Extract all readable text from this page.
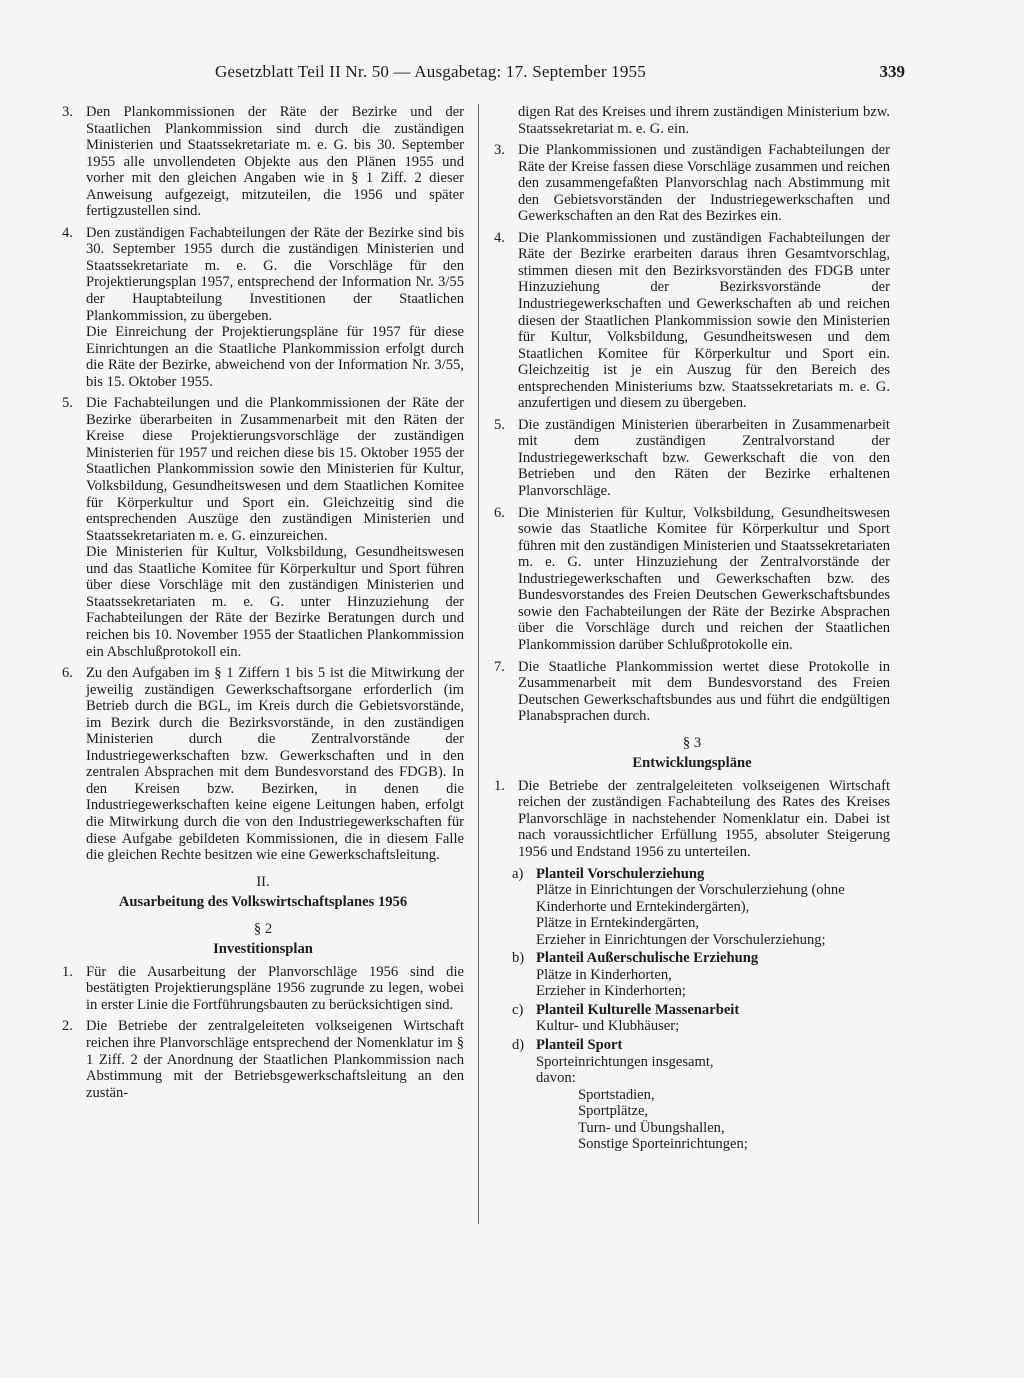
Gesetzblatt Teil II Nr. 50 — Ausgabetag: 17. September 1955	339
3. Den Plankommissionen der Räte der Bezirke und der Staatlichen Plankommission sind durch die zuständigen Ministerien und Staatssekretariate m. e. G. bis 30. September 1955 alle unvollendeten Objekte aus den Plänen 1955 und vorher mit den gleichen Angaben wie in § 1 Ziff. 2 dieser Anweisung aufgezeigt, mitzuteilen, die 1956 und später fertigzustellen sind.

4. Den zuständigen Fachabteilungen der Räte der Bezirke sind bis 30. September 1955 durch die zuständigen Ministerien und Staatssekretariate m. e. G. die Vorschläge für den Projektierungsplan 1957, entsprechend der Information Nr. 3/55 der Hauptabteilung Investitionen der Staatlichen Plankommission, zu übergeben.

Die Einreichung der Projektierungspläne für 1957 für diese Einrichtungen an die Staatliche Plankommission erfolgt durch die Räte der Bezirke, abweichend von der Information Nr. 3/55, bis 15. Oktober 1955.

5. Die Fachabteilungen und die Plankommissionen der Räte der Bezirke überarbeiten in Zusammenarbeit mit den Räten der Kreise diese Projektierungsvorschläge der zuständigen Ministerien für 1957 und reichen diese bis 15. Oktober 1955 der Staatlichen Plankommission sowie den Ministerien für Kultur, Volksbildung, Gesundheitswesen und dem Staatlichen Komitee für Körperkultur und Sport ein. Gleichzeitig sind die entsprechenden Auszüge den zuständigen Ministerien und Staatssekretariaten m. e. G. einzureichen.

Die Ministerien für Kultur, Volksbildung, Gesundheitswesen und das Staatliche Komitee für Körperkultur und Sport führen über diese Vorschläge mit den zuständigen Ministerien und Staatssekretariaten m. e. G. unter Hinzuziehung der Fachabteilungen der Räte der Bezirke Beratungen durch und reichen bis 10. November 1955 der Staatlichen Plankommission ein Abschlußprotokoll ein.

6. Zu den Aufgaben im § 1 Ziffern 1 bis 5 ist die Mitwirkung der jeweilig zuständigen Gewerkschaftsorgane erforderlich (im Betrieb durch die BGL, im Kreis durch die Gebietsvorstände, im Bezirk durch die Bezirksvorstände, in den zuständigen Ministerien durch die Zentralvorstände der Industriegewerkschaften bzw. Gewerkschaften und in den zentralen Absprachen mit dem Bundesvorstand des FDGB). In den Kreisen bzw. Bezirken, in denen die Industriegewerkschaften keine eigene Leitungen haben, erfolgt die Mitwirkung durch die von den Industriegewerkschaften für diese Aufgabe gebildeten Kommissionen, die in diesem Falle die gleichen Rechte besitzen wie eine Gewerkschaftsleitung.

II.
Ausarbeitung des Volkswirtschaftsplanes 1956
§ 2
Investitionsplan
1. Für die Ausarbeitung der Planvorschläge 1956 sind die bestätigten Projektierungspläne 1956 zugrunde zu legen, wobei in erster Linie die Fortführungsbauten zu berücksichtigen sind.

2. Die Betriebe der zentralgeleiteten volkseigenen Wirtschaft reichen ihre Planvorschläge entsprechend der Nomenklatur im § 1 Ziff. 2 der Anordnung der Staatlichen Plankommission nach Abstimmung mit der Betriebsgewerkschaftsleitung an den zustän-

digen Rat des Kreises und ihrem zuständigen Ministerium bzw. Staatssekretariat m. e. G. ein.
3. Die Plankommissionen und zuständigen Fachabteilungen der Räte der Kreise fassen diese Vorschläge zusammen und reichen den zusammengefaßten Planvorschlag nach Abstimmung mit den Gebietsvorständen der Industriegewerkschaften und Gewerkschaften an den Rat des Bezirkes ein.

4. Die Plankommissionen und zuständigen Fachabteilungen der Räte der Bezirke erarbeiten daraus ihren Gesamtvorschlag, stimmen diesen mit den Bezirksvorständen des FDGB unter Hinzuziehung der Bezirksvorstände der Industriegewerkschaften und Gewerkschaften ab und reichen diesen der Staatlichen Plankommission sowie den Ministerien für Kultur, Volksbildung, Gesundheitswesen und dem Staatlichen Komitee für Körperkultur und Sport ein. Gleichzeitig ist je ein Auszug für den Bereich des entsprechenden Ministeriums bzw. Staatssekretariats m. e. G. anzufertigen und diesem zu übergeben.

5. Die zuständigen Ministerien überarbeiten in Zusammenarbeit mit dem zuständigen Zentralvorstand der Industriegewerkschaft bzw. Gewerkschaft die von den Betrieben und den Räten der Bezirke erhaltenen Planvorschläge.

6. Die Ministerien für Kultur, Volksbildung, Gesundheitswesen sowie das Staatliche Komitee für Körperkultur und Sport führen mit den zuständigen Ministerien und Staatssekretariaten m. e. G. unter Hinzuziehung der Zentralvorstände der Industriegewerkschaften und Gewerkschaften bzw. des Bundesvorstandes des Freien Deutschen Gewerkschaftsbundes sowie den Fachabteilungen der Räte der Bezirke Absprachen über die Vorschläge durch und reichen der Staatlichen Plankommission darüber Schlußprotokolle ein.

7. Die Staatliche Plankommission wertet diese Protokolle in Zusammenarbeit mit dem Bundesvorstand des Freien Deutschen Gewerkschaftsbundes aus und führt die endgültigen Planabsprachen durch.

§ 3
Entwicklungspläne
1. Die Betriebe der zentralgeleiteten volkseigenen Wirtschaft reichen der zuständigen Fachabteilung des Rates des Kreises Planvorschläge in nachstehender Nomenklatur ein. Dabei ist nach voraussichtlicher Erfüllung 1955, absoluter Steigerung 1956 und Endstand 1956 zu unterteilen.
a) Planteil Vorschulerziehung
Plätze in Einrichtungen der Vorschulerziehung (ohne Kinderhorte und Erntekindergärten),
Plätze in Erntekindergärten,
Erzieher in Einrichtungen der Vorschulerziehung;
b) Planteil Außerschulische Erziehung
Plätze in Kinderhorten,
Erzieher in Kinderhorten;
c) Planteil Kulturelle Massenarbeit
Kultur- und Klubhäuser;
d) Planteil Sport
Sporteinrichtungen insgesamt,
davon:
Sportstadien,
Sportplätze,
Turn- und Übungshallen,
Sonstige Sporteinrichtungen;
